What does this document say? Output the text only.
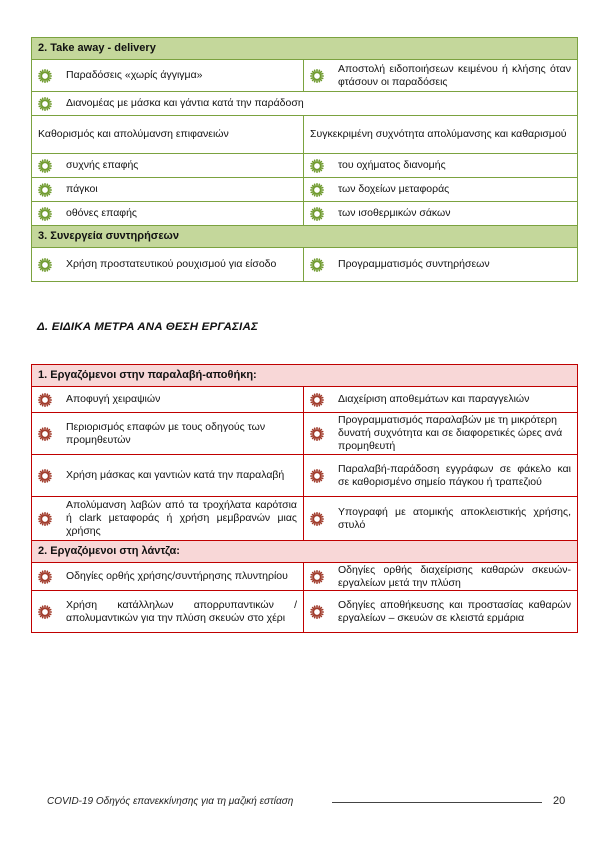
2. Take away - delivery	

Παραδόσεις «χωρίς άγγιγμα»	Αποστολή ειδοποιήσεων κειμένου ή κλήσης όταν φτάσουν οι παραδόσεις

Διανομέας με μάσκα και γάντια κατά την παράδοση	

Καθορισμός και απολύμανση επιφανειών	Συγκεκριμένη συχνότητα απολύμανσης και καθαρισμού

συχνής επαφής	του οχήματος διανομής

πάγκοι	των δοχείων μεταφοράς

οθόνες επαφής	των ισοθερμικών σάκων

3. Συνεργεία συντηρήσεων	

Χρήση προστατευτικού ρουχισμού για είσοδο	Προγραμματισμός συντηρήσεων
Δ. ΕΙΔΙΚΑ ΜΕΤΡΑ ΑΝΑ ΘΕΣΗ ΕΡΓΑΣΙΑΣ
1. Εργαζόμενοι στην παραλαβή-αποθήκη:	

Αποφυγή χειραψιών	Διαχείριση αποθεμάτων και παραγγελιών

Περιορισμός επαφών με τους οδηγούς των προμηθευτών	Προγραμματισμός παραλαβών με τη μικρότερη δυνατή συχνότητα και σε διαφορετικές ώρες ανά προμηθευτή

Χρήση μάσκας και γαντιών κατά την παραλαβή	Παραλαβή-παράδοση εγγράφων σε φάκελο και σε καθορισμένο σημείο πάγκου ή τραπεζιού

Απολύμανση λαβών από τα τροχήλατα καρότσια ή clark μεταφοράς ή χρήση μεμβρανών μιας χρήσης	Υπογραφή με ατομικής αποκλειστικής χρήσης, στυλό

2. Εργαζόμενοι στη λάντζα:	

Οδηγίες ορθής χρήσης/συντήρησης πλυντηρίου	Οδηγίες ορθής διαχείρισης καθαρών σκευών- εργαλείων μετά την πλύση

Χρήση κατάλληλων απορρυπαντικών / απολυμαντικών για την πλύση σκευών στο χέρι	Οδηγίες αποθήκευσης και προστασίας καθαρών εργαλείων – σκευών σε κλειστά ερμάρια
COVID-19 Οδηγός επανεκκίνησης για τη μαζική εστίαση	20
